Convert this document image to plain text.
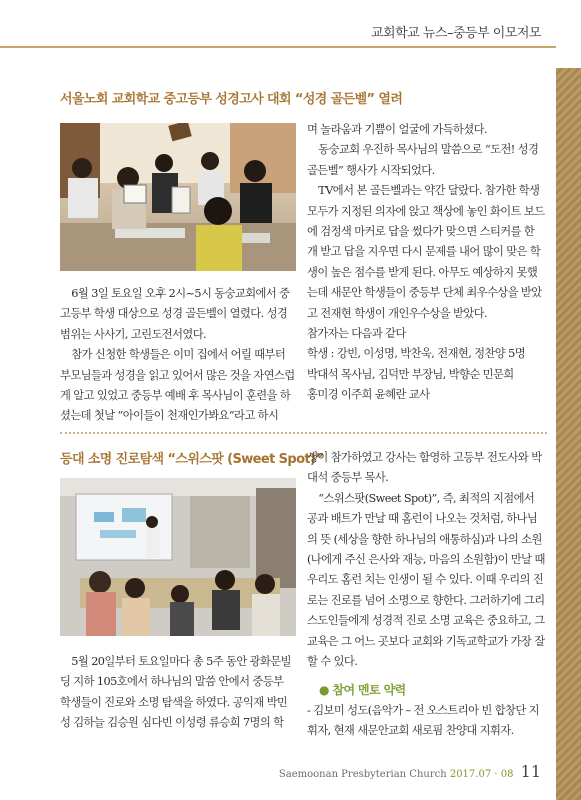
교회학교 뉴스–중등부 이모저모
서울노회 교회학교 중고등부 성경고사 대회 “성경 골든벨” 열려

6월 3일 토요일 오후 2시~5시 동숭교회에서 중고등부 학생 대상으로 성경 골든벨이 열렸다. 성경 범위는 사사기, 고린도전서였다.

참가 신청한 학생들은 이미 집에서 어릴 때부터 부모님들과 성경을 읽고 있어서 많은 것을 자연스럽게 알고 있었고 중등부 예배 후 목사님이 훈련을 하셨는데 첫날 “아이들이 천재인가봐요”라고 하시

며 놀라움과 기쁨이 얼굴에 가득하셨다.

동숭교회 우진하 목사님의 말씀으로 “도전! 성경 골든벨” 행사가 시작되었다.

TV에서 본 골든벨과는 약간 달랐다. 참가한 학생 모두가 지정된 의자에 앉고 책상에 놓인 화이트 보드에 검정색 마커로 답을 썼다가 맞으면 스티커를 한 개 받고 답을 지우면 다시 문제를 내어 많이 맞은 학생이 높은 점수를 받게 된다. 아무도 예상하지 못했는데 새문안 학생들이 중등부 단체 최우수상을 받았고 전재현 학생이 개인우수상을 받았다.

참가자는 다음과 같다

학생 : 강빈, 이성명, 박찬욱, 전재현, 정찬양 5명

박대석 목사님, 김덕만 부장님, 박향순 민문희

홍미경 이주희 윤혜란 교사

등대 소명 진로탐색 “스위스팟 (Sweet Spot)”

5월 20일부터 토요일마다 총 5주 동안 광화문빌딩 지하 105호에서 하나님의 말씀 안에서 중등부 학생들이 진로와 소명 탐색을 하였다. 공익재 박민성 김하늘 김승원 심다빈 이성령 류승희 7명의 학

생이 참가하였고 강사는 함영하 고등부 전도사와 박대석 중등부 목사.

“스위스팟(Sweet Spot)”, 즉, 최적의 지점에서 공과 배트가 만날 때 홈런이 나오는 것처럼, 하나님의 뜻 (세상을 향한 하나님의 애통하심)과 나의 소원 (나에게 주신 은사와 재능, 마음의 소원함)이 만날 때 우리도 홈런 치는 인생이 될 수 있다. 이때 우리의 진로는 진로를 넘어 소명으로 향한다. 그러하기에 그리스도인들에게 성경적 진로 소명 교육은 중요하고, 그 교육은 그 어느 곳보다 교회와 기독교학교가 가장 잘 할 수 있다.

● 참여 멘토 약력

- 김보미 성도(음악가 – 전 오스트리아 빈 합창단 지휘자, 현재 새문안교회 새로핌 찬양대 지휘자.

Saemoonan Presbyterian Church 2017.07 · 08 11
